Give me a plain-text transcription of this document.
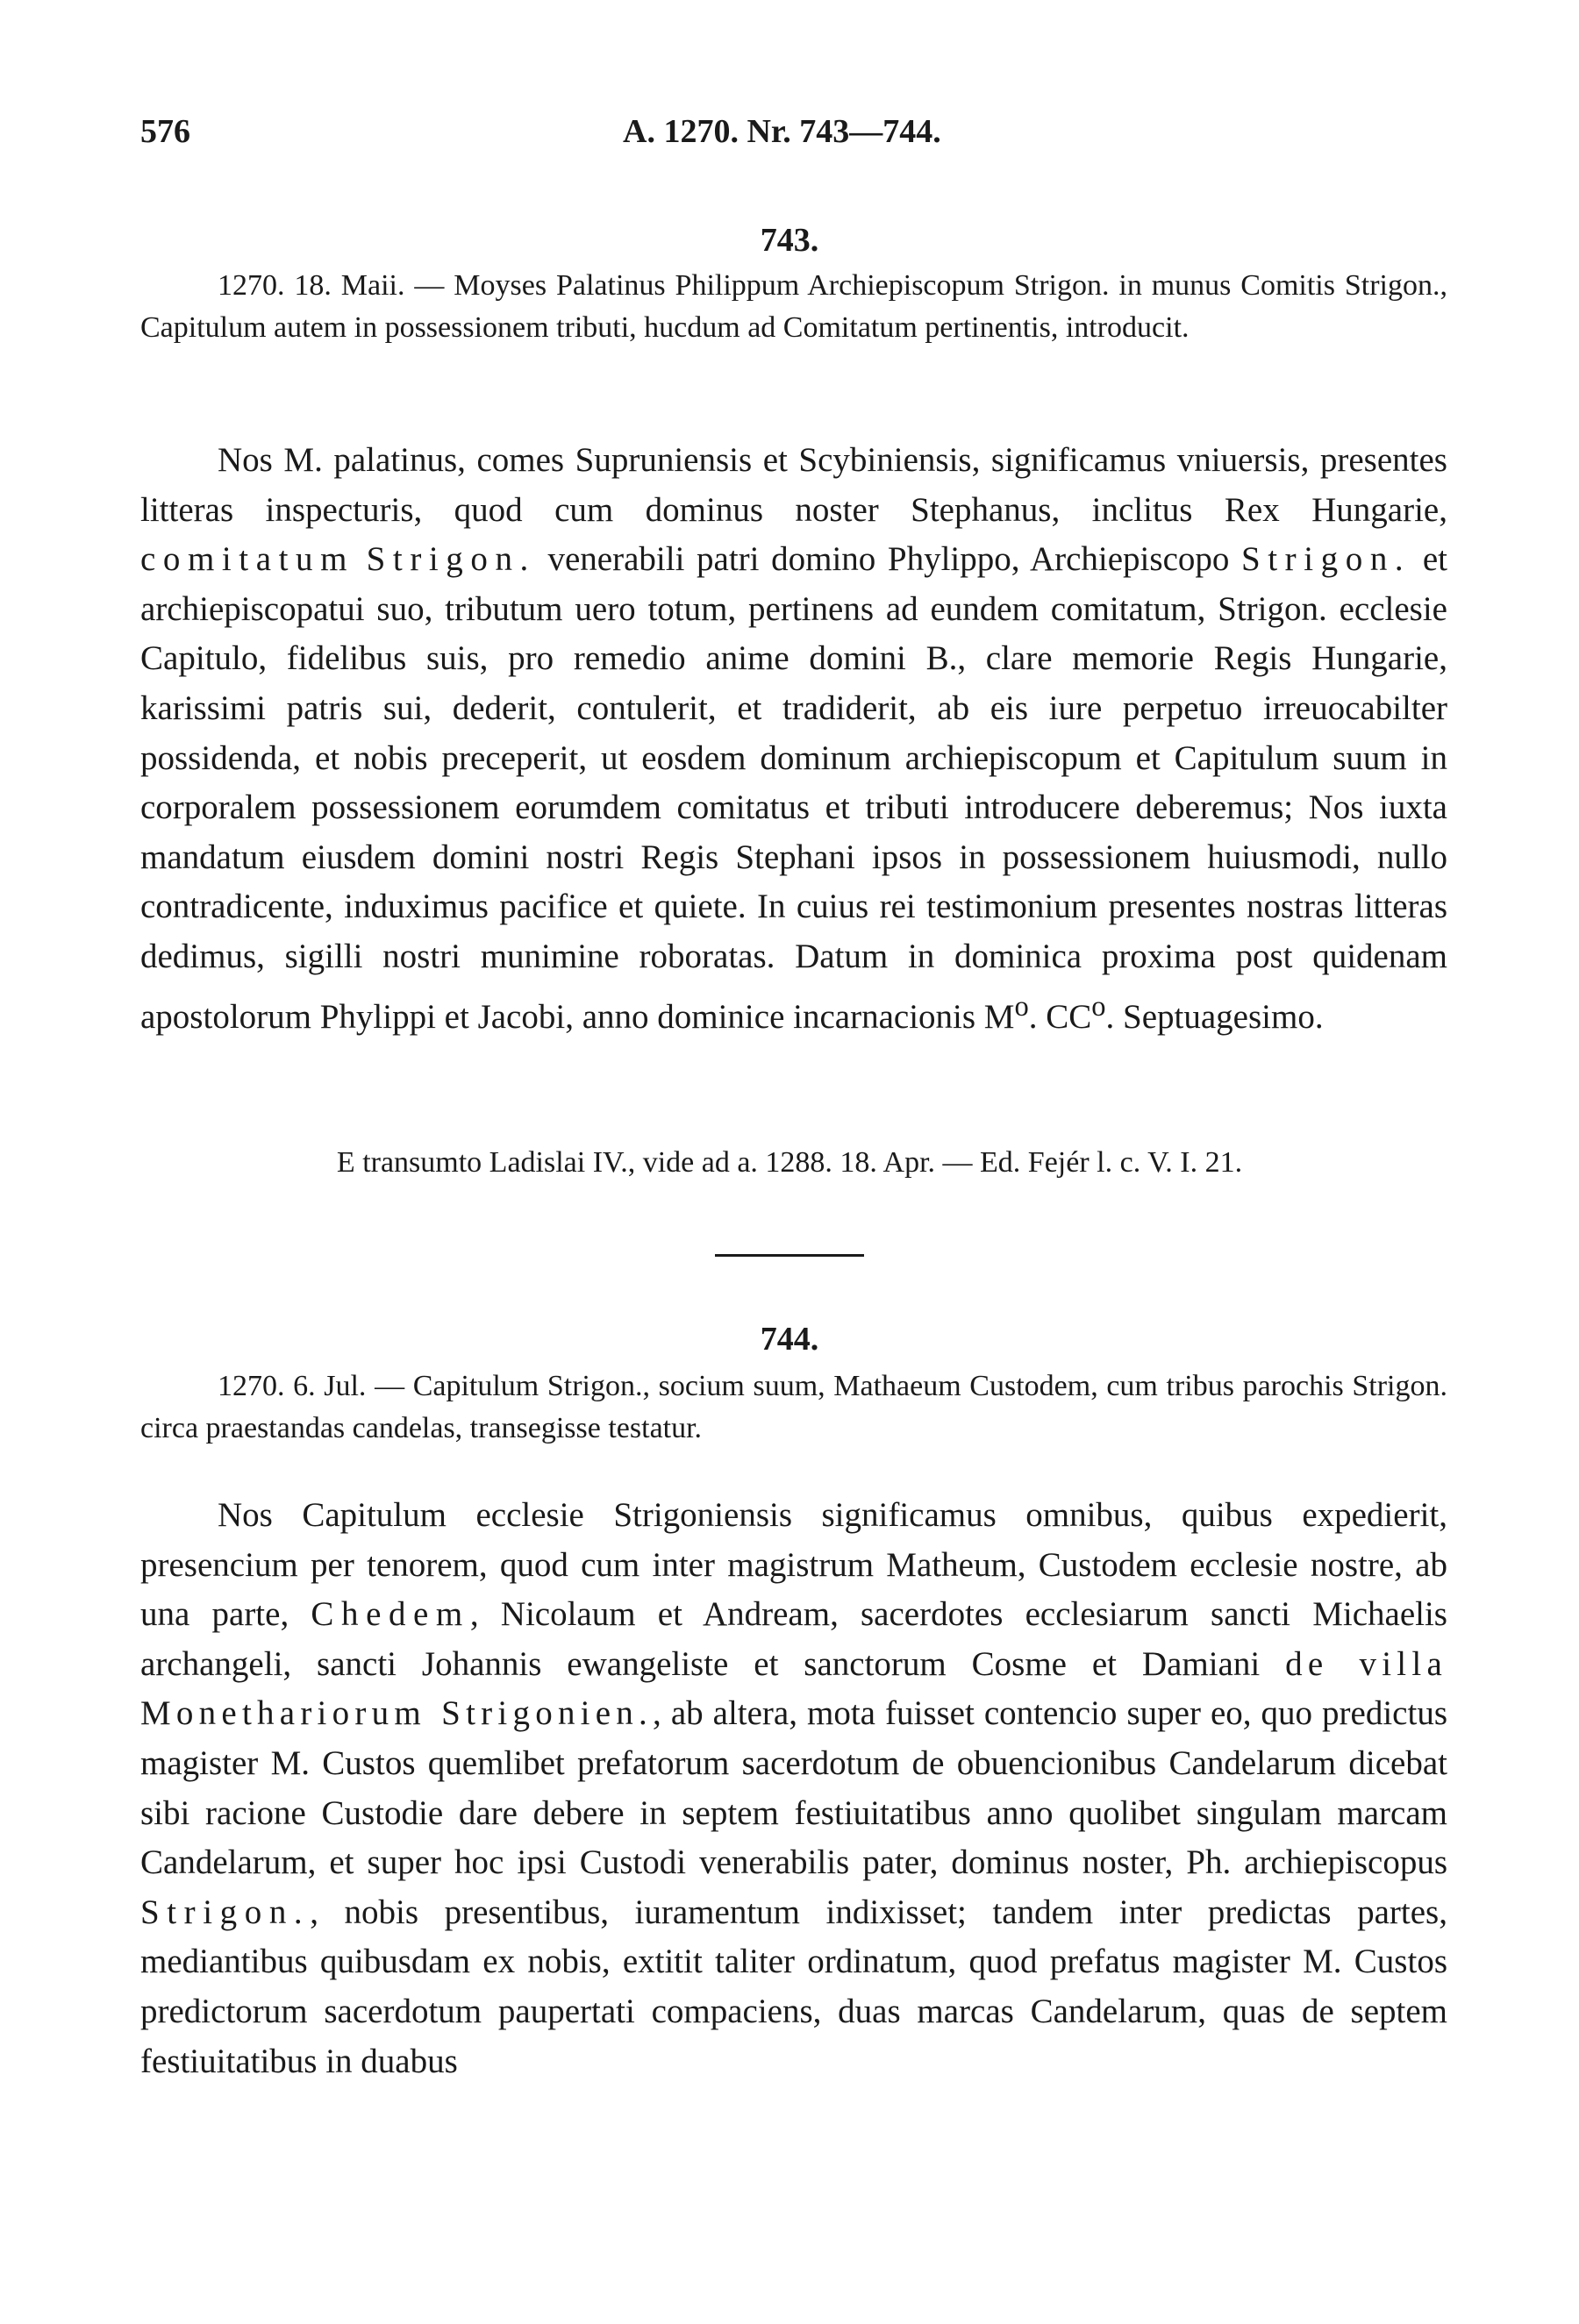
576	A. 1270. Nr. 743—744.
743.

1270. 18. Maii. — Moyses Palatinus Philippum Archiepiscopum Strigon. in munus Comitis Strigon., Capitulum autem in possessionem tributi, hucdum ad Comitatum pertinentis, introducit.

Nos M. palatinus, comes Supruniensis et Scybiniensis, significamus vniuersis, presentes litteras inspecturis, quod cum dominus noster Stephanus, inclitus Rex Hungarie, comitatum Strigon. venerabili patri domino Phylippo, Archiepiscopo Strigon. et archiepiscopatui suo, tributum uero totum, pertinens ad eundem comitatum, Strigon. ecclesie Capitulo, fidelibus suis, pro remedio anime domini B., clare memorie Regis Hungarie, karissimi patris sui, dederit, contulerit, et tradiderit, ab eis iure perpetuo irreuocabilter possidenda, et nobis preceperit, ut eosdem dominum archiepiscopum et Capitulum suum in corporalem possessionem eorumdem comitatus et tributi introducere deberemus; Nos iuxta mandatum eiusdem domini nostri Regis Stephani ipsos in possessionem huiusmodi, nullo contradicente, induximus pacifice et quiete. In cuius rei testimonium presentes nostras litteras dedimus, sigilli nostri munimine roboratas. Datum in dominica proxima post quidenam apostolorum Phylippi et Jacobi, anno dominice incarnacionis $M^o$. $CC^o$. Septuagesimo.

E transumto Ladislai IV., vide ad a. 1288. 18. Apr. — Ed. Fejér l. c. V. I. 21.
744.

1270. 6. Jul. — Capitulum Strigon., socium suum, Mathaeum Custodem, cum tribus parochis Strigon. circa praestandas candelas, transegisse testatur.

Nos Capitulum ecclesie Strigoniensis significamus omnibus, quibus expedierit, presencium per tenorem, quod cum inter magistrum Matheum, Custodem ecclesie nostre, ab una parte, Chedem, Nicolaum et Andream, sacerdotes ecclesiarum sancti Michaelis archangeli, sancti Johannis ewangeliste et sanctorum Cosme et Damiani de villa Monethariorum Strigonien., ab altera, mota fuisset contencio super eo, quo predictus magister M. Custos quemlibet prefatorum sacerdotum de obuencionibus Candelarum dicebat sibi racione Custodie dare debere in septem festiuitatibus anno quolibet singulam marcam Candelarum, et super hoc ipsi Custodi venerabilis pater, dominus noster, Ph. archiepiscopus Strigon., nobis presentibus, iuramentum indixisset; tandem inter predictas partes, mediantibus quibusdam ex nobis, extitit taliter ordinatum, quod prefatus magister M. Custos predictorum sacerdotum paupertati compaciens, duas marcas Candelarum, quas de septem festiuitatibus in duabus
